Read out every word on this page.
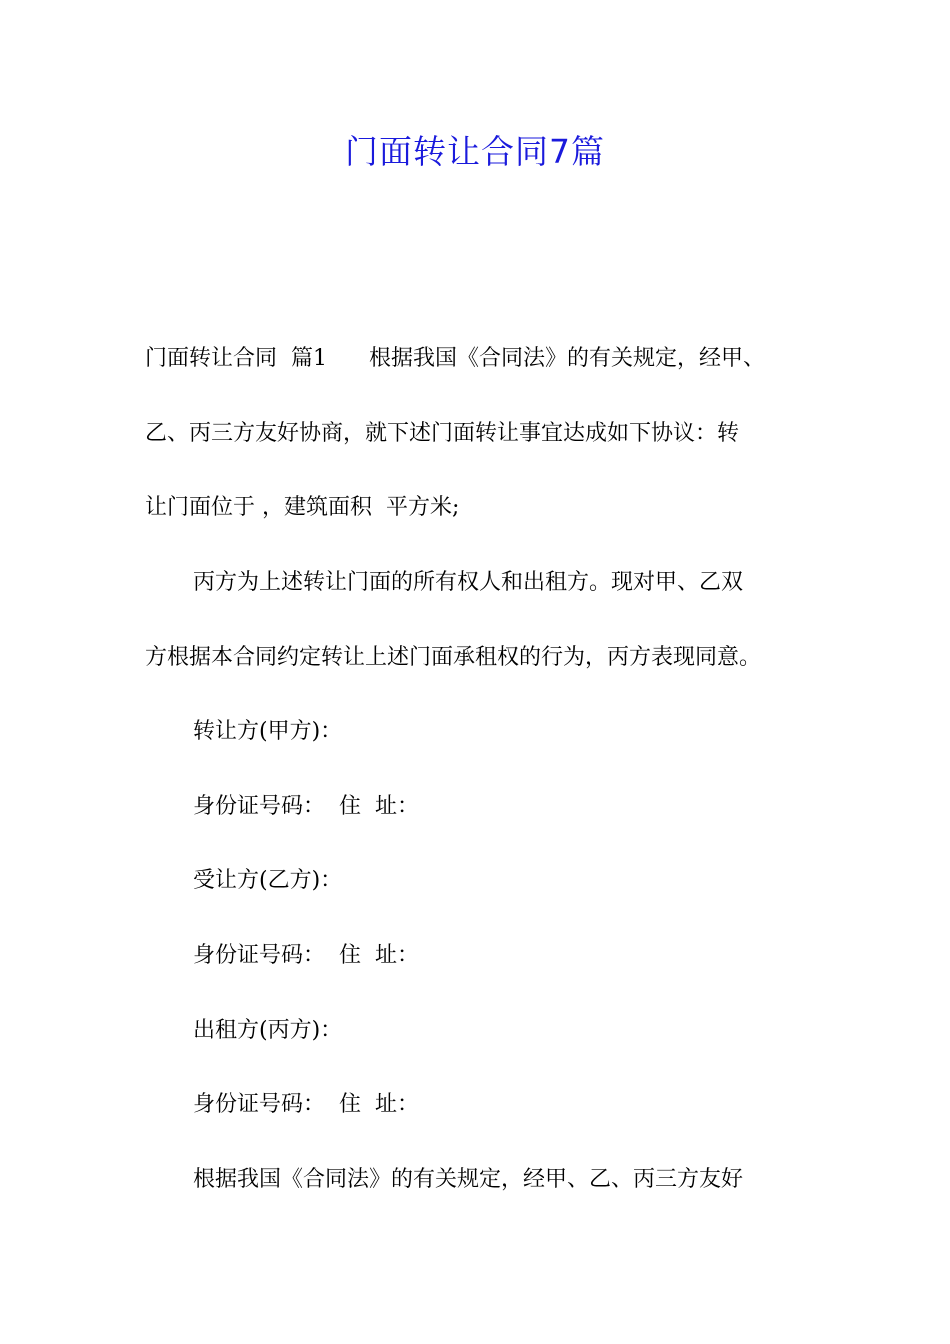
门面转让合同7篇
门面转让合同  篇1      根据我国《合同法》的有关规定，经甲、
乙、丙三方友好协商，就下述门面转让事宜达成如下协议：转
让门面位于 ，建筑面积  平方米;
丙方为上述转让门面的所有权人和出租方。现对甲、乙双
方根据本合同约定转让上述门面承租权的行为，丙方表现同意。
转让方(甲方)：
身份证号码：  住  址：
受让方(乙方)：
身份证号码：  住  址：
出租方(丙方)：
身份证号码：  住  址：
根据我国《合同法》的有关规定，经甲、乙、丙三方友好
